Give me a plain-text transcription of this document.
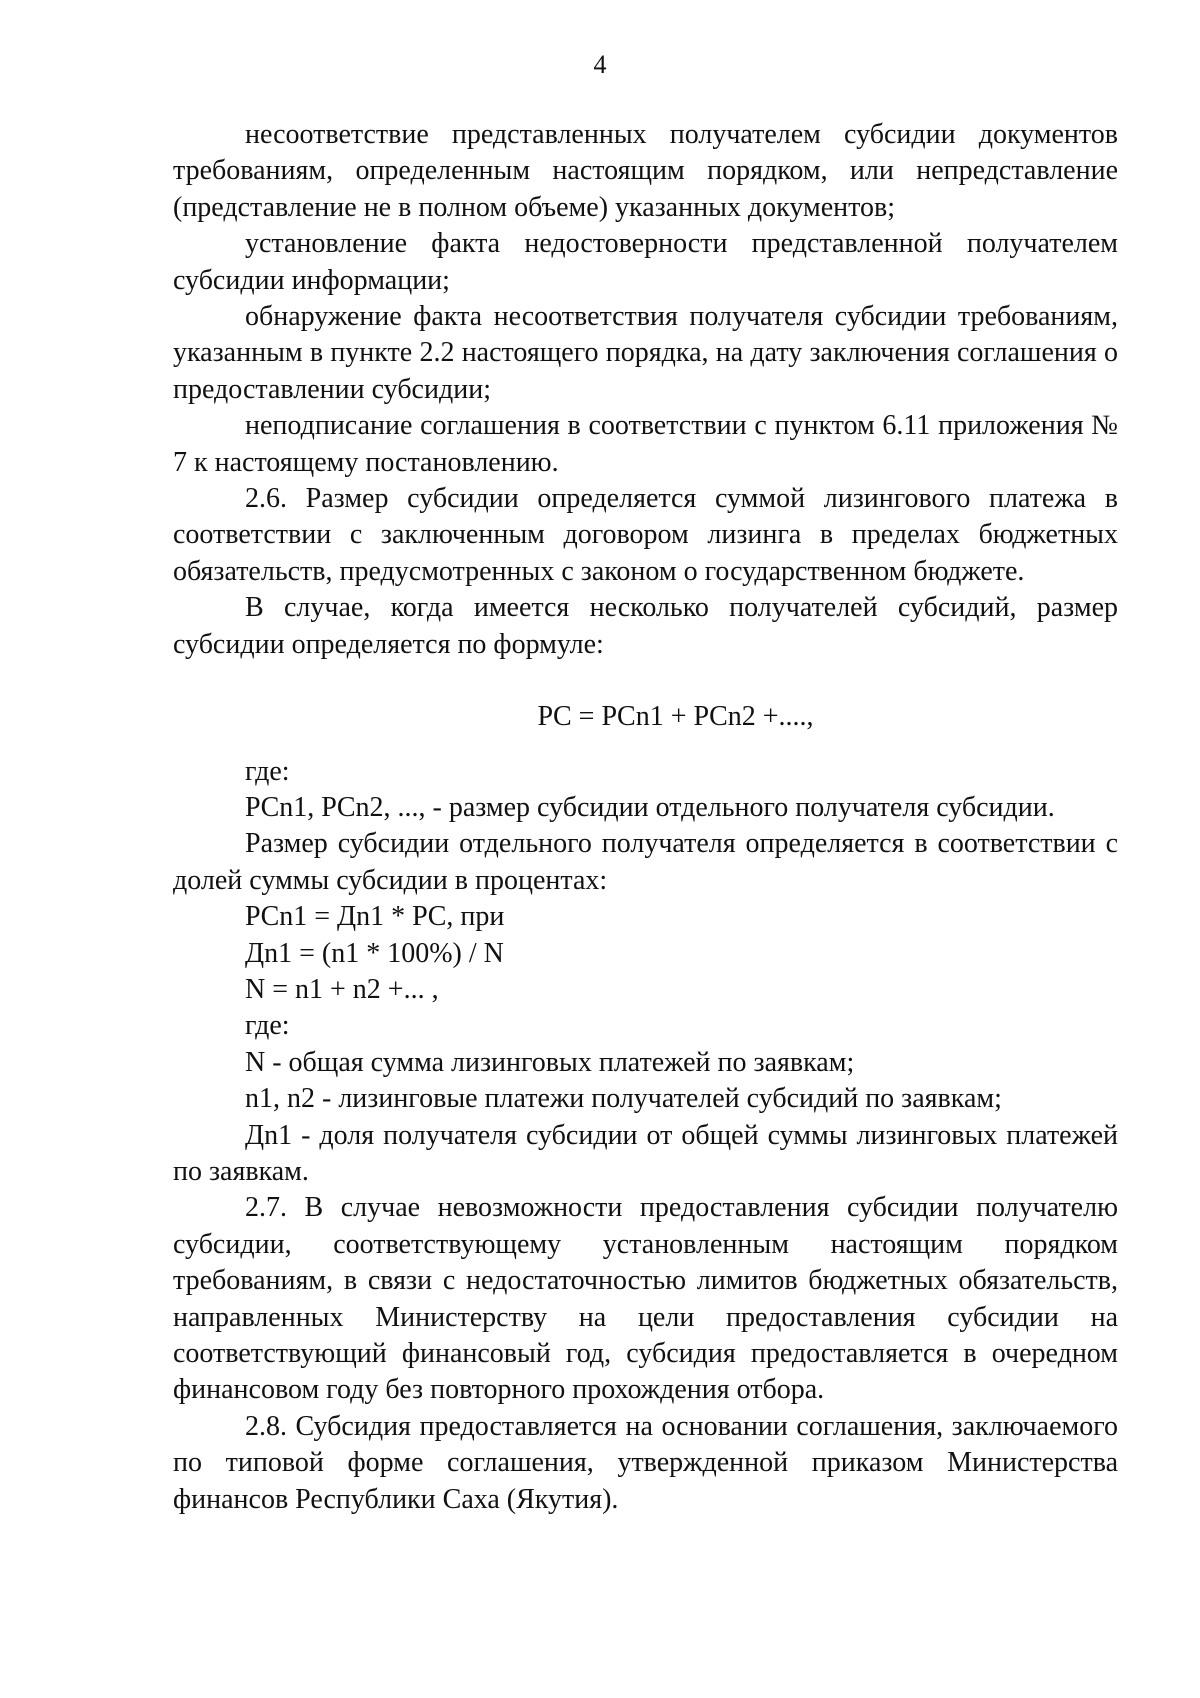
4

несоответствие представленных получателем субсидии документов требованиям, определенным настоящим порядком, или непредставление (представление не в полном объеме) указанных документов;

установление факта недостоверности представленной получателем субсидии информации;

обнаружение факта несоответствия получателя субсидии требованиям, указанным в пункте 2.2 настоящего порядка, на дату заключения соглашения о предоставлении субсидии;

неподписание соглашения в соответствии с пунктом 6.11 приложения № 7 к настоящему постановлению.

2.6. Размер субсидии определяется суммой лизингового платежа в соответствии с заключенным договором лизинга в пределах бюджетных обязательств, предусмотренных с законом о государственном бюджете.

В случае, когда имеется несколько получателей субсидий, размер субсидии определяется по формуле:

PC = PCn1 + PCn2 +....,

где:

PCn1, PCn2, ..., - размер субсидии отдельного получателя субсидии.

Размер субсидии отдельного получателя определяется в соответствии с долей суммы субсидии в процентах:

PCn1 = Дn1 * PC, при

Дn1 = (n1 * 100%) / N

N = n1 + n2 +... ,

где:

N - общая сумма лизинговых платежей по заявкам;

n1, n2 - лизинговые платежи получателей субсидий по заявкам;

Дn1 - доля получателя субсидии от общей суммы лизинговых платежей по заявкам.

2.7. В случае невозможности предоставления субсидии получателю субсидии, соответствующему установленным настоящим порядком требованиям, в связи с недостаточностью лимитов бюджетных обязательств, направленных Министерству на цели предоставления субсидии на соответствующий финансовый год, субсидия предоставляется в очередном финансовом году без повторного прохождения отбора.

2.8. Субсидия предоставляется на основании соглашения, заключаемого по типовой форме соглашения, утвержденной приказом Министерства финансов Республики Саха (Якутия).
